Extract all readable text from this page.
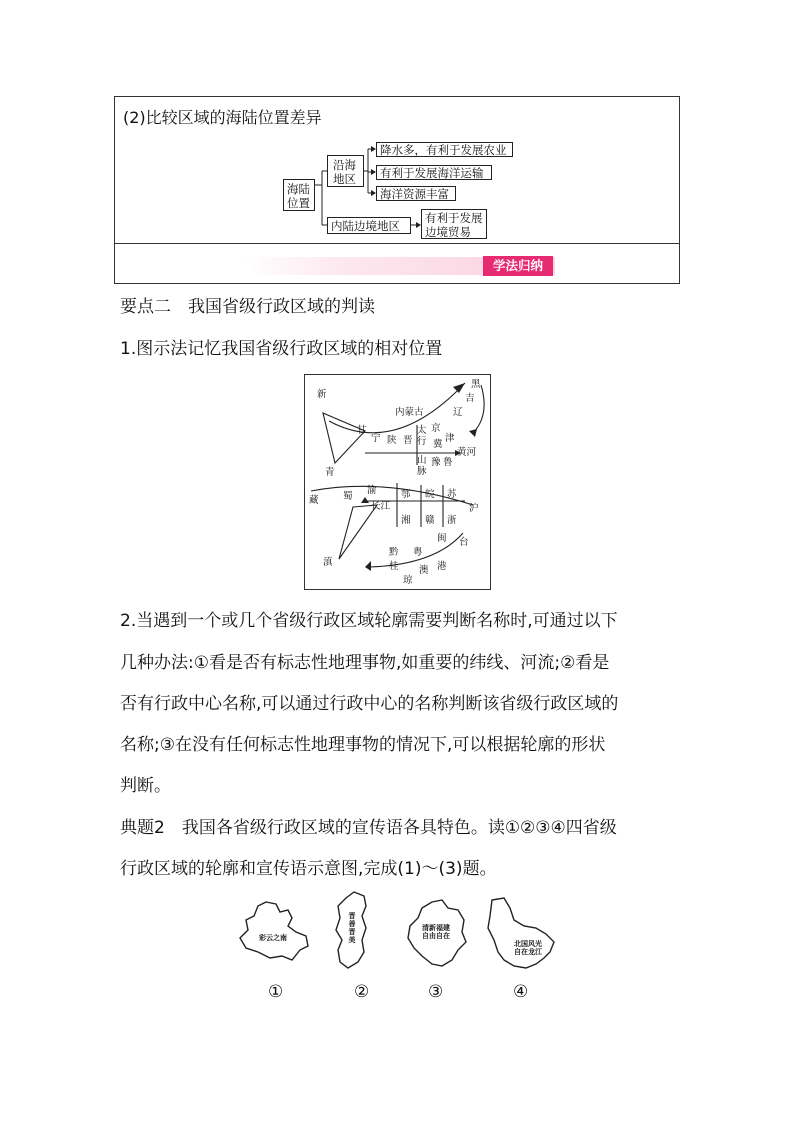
(2)比较区域的海陆位置差异
海陆
位置
沿海
地区
内陆边境地区
降水多，有利于发展农业
有利于发展海洋运输
海洋资源丰富
有利于发展
边境贸易
学法归纳
要点二　我国省级行政区域的判读
1.图示法记忆我国省级行政区域的相对位置
新
青
甘
宁 陕 晋
内蒙古
黑
吉
辽
太
行
山
脉
京
津
冀
鲁
豫
黄河
藏	蜀
渝
长江
鄂 皖 苏
沪
湘 赣 浙
闽 台
滇
黔 粤
桂	港
澳
琼
2.当遇到一个或几个省级行政区域轮廓需要判断名称时,可通过以下
几种办法:①看是否有标志性地理事物,如重要的纬线、河流;②看是
否有行政中心名称,可以通过行政中心的名称判断该省级行政区域的
名称;③在没有任何标志性地理事物的情况下,可以根据轮廓的形状
判断。
典题2　我国各省级行政区域的宣传语各具特色。读①②③④四省级
行政区域的轮廓和宣传语示意图,完成(1)～(3)题。
彩云之南
晋
善
晋
美
清新福建
自由自在
北国风光
自在龙江
①	②	③	④
